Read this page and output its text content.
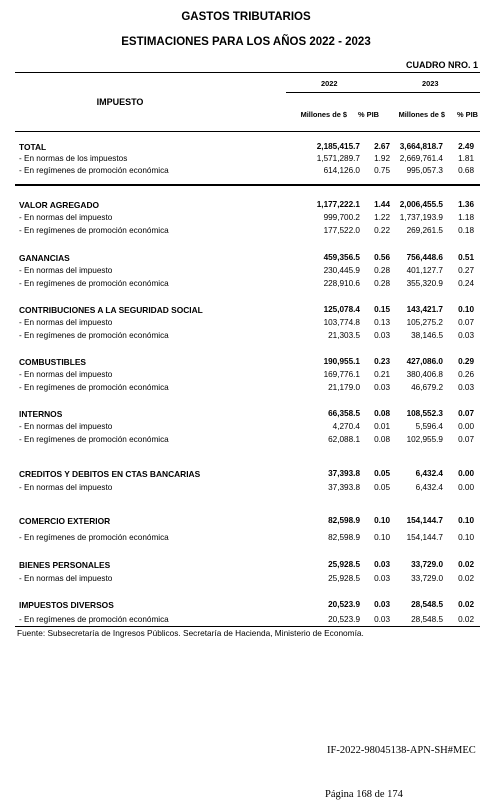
GASTOS TRIBUTARIOS
ESTIMACIONES PARA LOS AÑOS 2022 - 2023
CUADRO NRO. 1
2022	2023
IMPUESTO
Millones de $ % PIB	Millones de $ % PIB
TOTAL	2,185,415.7 2.67 3,664,818.7 2.49
- En normas de los impuestos	1,571,289.7 1.92 2,669,761.4 1.81
- En regímenes de promoción económica	614,126.0 0.75 995,057.3 0.68
VALOR AGREGADO	1,177,222.1 1.44 2,006,455.5 1.36
- En normas del impuesto	999,700.2 1.22 1,737,193.9 1.18
- En regímenes de promoción económica	177,522.0 0.22 269,261.5 0.18
GANANCIAS	459,356.5 0.56 756,448.6 0.51
- En normas del impuesto	230,445.9 0.28 401,127.7 0.27
- En regímenes de promoción económica	228,910.6 0.28 355,320.9 0.24
CONTRIBUCIONES A LA SEGURIDAD SOCIAL	125,078.4 0.15 143,421.7 0.10
- En normas del impuesto	103,774.8 0.13 105,275.2 0.07
- En regímenes de promoción económica	21,303.5 0.03	38,146.5 0.03
COMBUSTIBLES	190,955.1 0.23 427,086.0 0.29
- En normas del impuesto	169,776.1 0.21 380,406.8 0.26
- En regímenes de promoción económica	21,179.0 0.03	46,679.2 0.03
INTERNOS	66,358.5 0.08 108,552.3 0.07
- En normas del impuesto	4,270.4 0.01	5,596.4 0.00
- En regímenes de promoción económica	62,088.1 0.08 102,955.9 0.07
CREDITOS Y DEBITOS EN CTAS BANCARIAS	37,393.8 0.05	6,432.4 0.00
- En normas del impuesto	37,393.8 0.05	6,432.4 0.00
COMERCIO EXTERIOR	82,598.9 0.10 154,144.7 0.10
- En regímenes de promoción económica	82,598.9 0.10 154,144.7 0.10
BIENES PERSONALES	25,928.5 0.03	33,729.0 0.02
- En normas del impuesto	25,928.5 0.03	33,729.0 0.02
IMPUESTOS DIVERSOS	20,523.9 0.03	28,548.5 0.02
- En regímenes de promoción económica	20,523.9 0.03	28,548.5 0.02
Fuente: Subsecretaría de Ingresos Públicos. Secretaría de Hacienda, Ministerio de Economía.
IF-2022-98045138-APN-SH#MEC
Página 168 de 174
